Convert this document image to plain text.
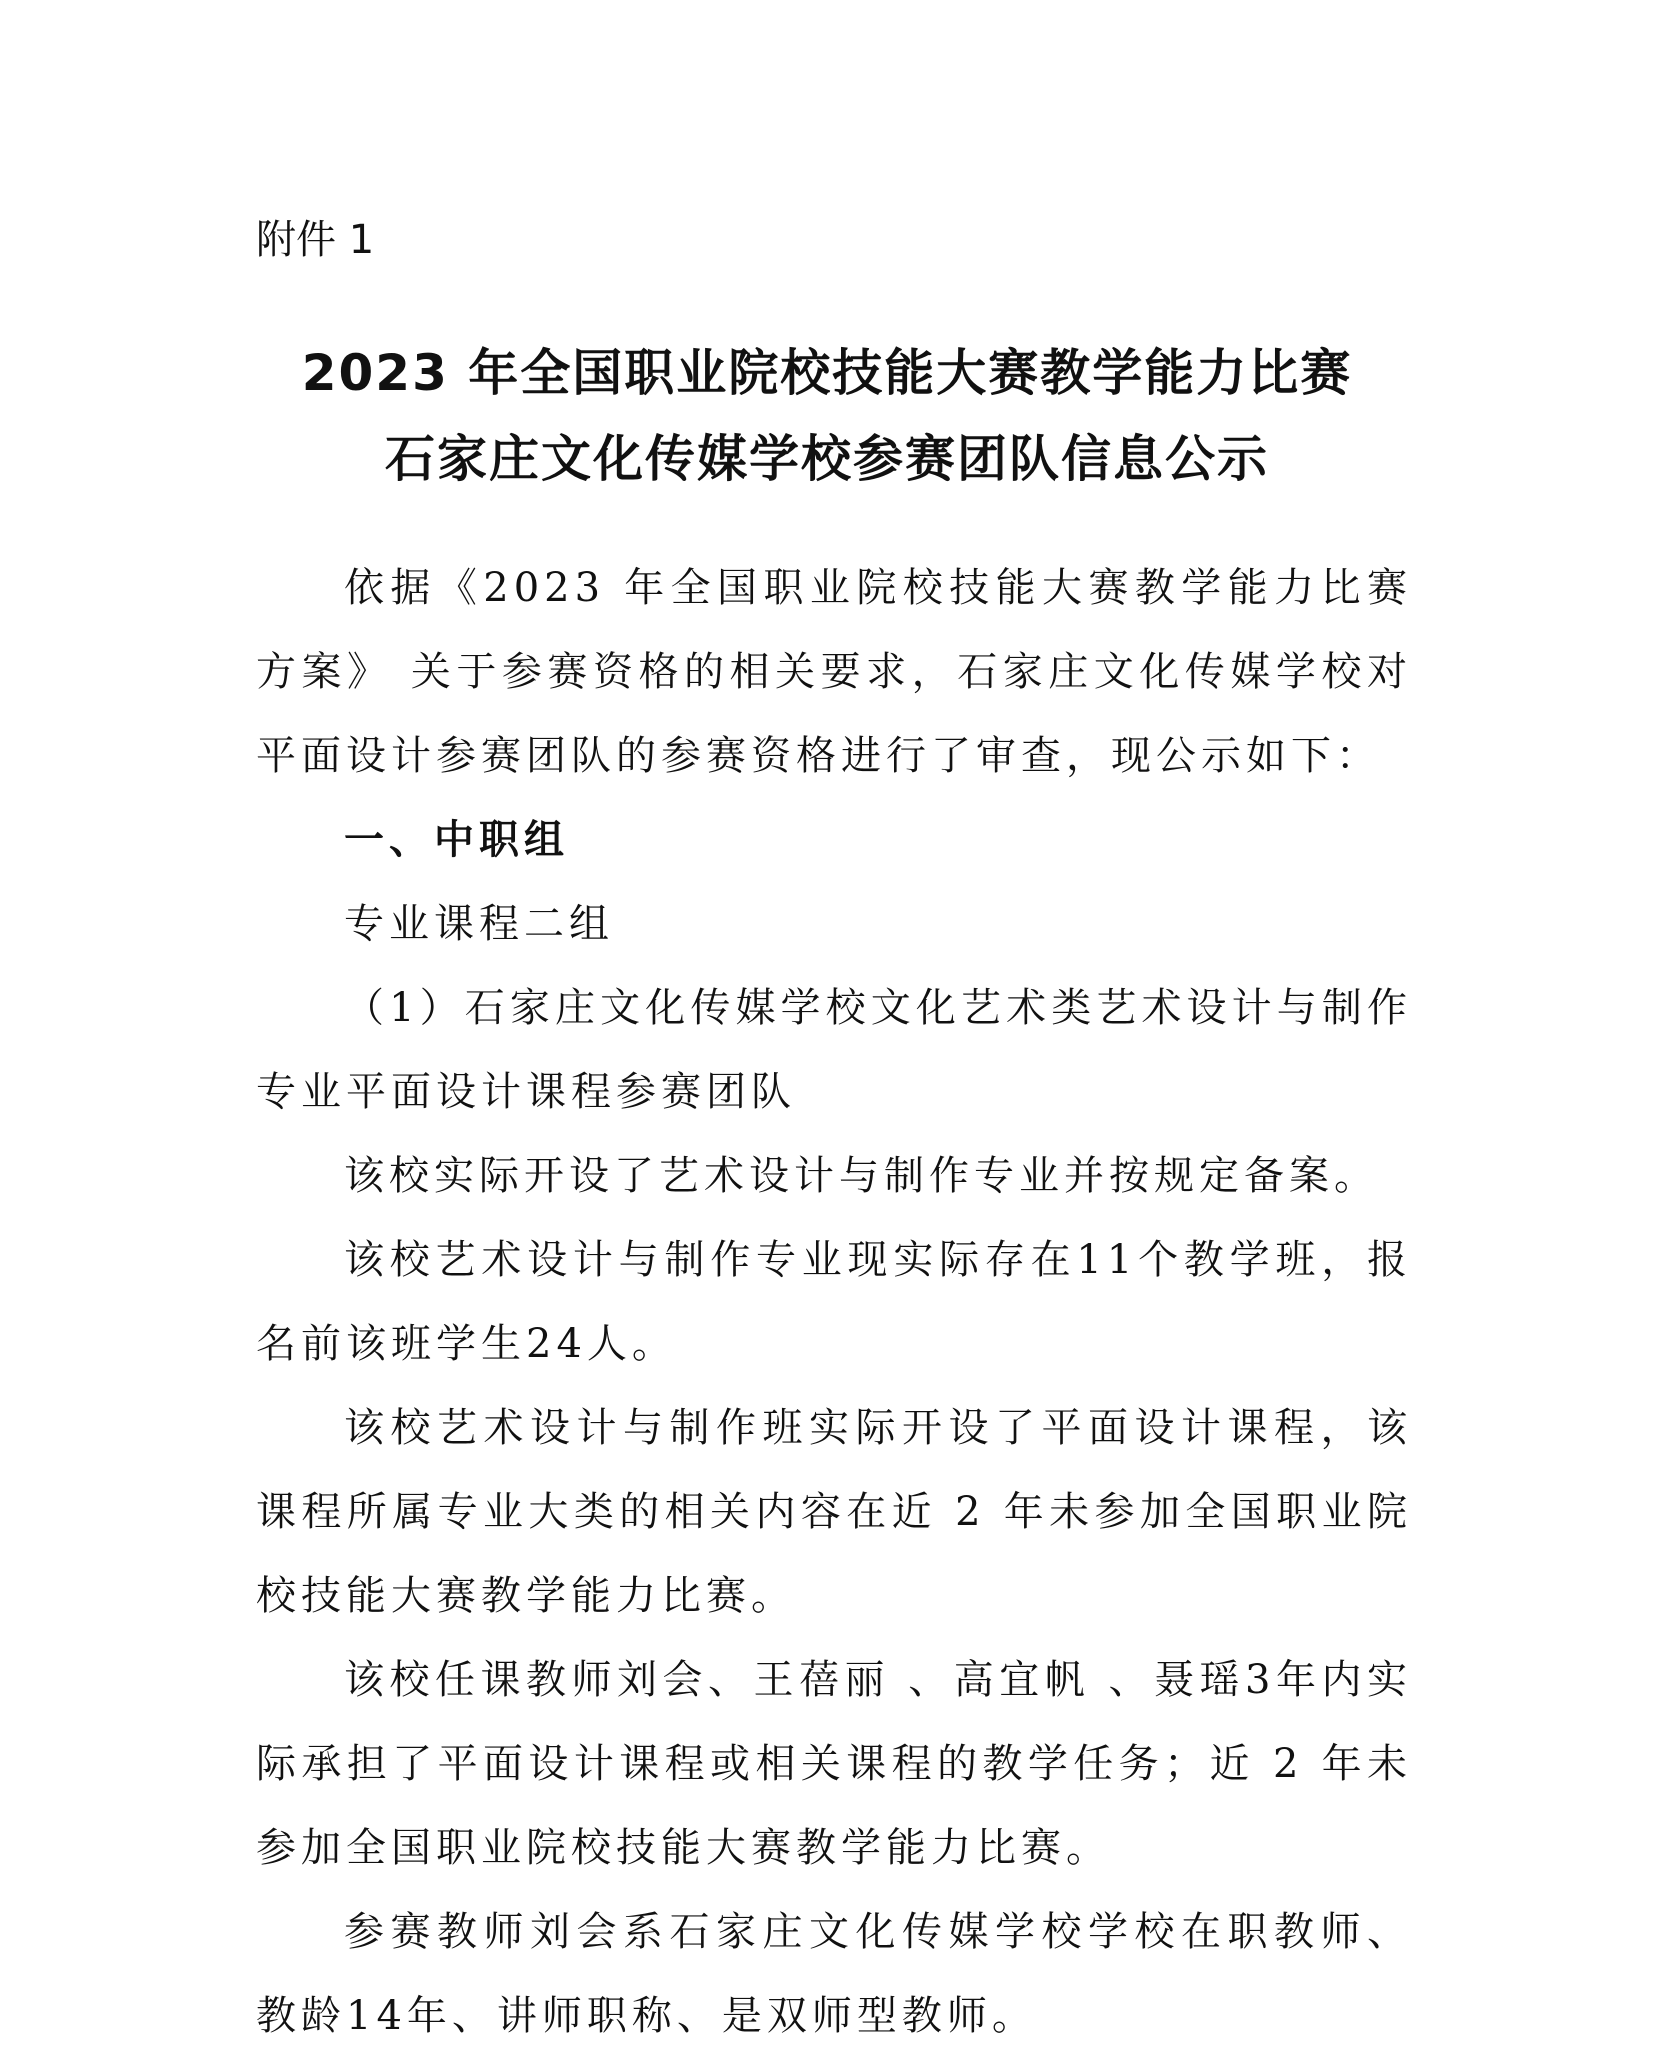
附件 1
2023 年全国职业院校技能大赛教学能力比赛
石家庄文化传媒学校参赛团队信息公示

依据《2023 年全国职业院校技能大赛教学能力比赛方案》 关于参赛资格的相关要求，石家庄文化传媒学校对平面设计参赛团队的参赛资格进行了审查，现公示如下：

一、中职组

专业课程二组

（1）石家庄文化传媒学校文化艺术类艺术设计与制作专业平面设计课程参赛团队

该校实际开设了艺术设计与制作专业并按规定备案。

该校艺术设计与制作专业现实际存在11个教学班，报名前该班学生24人。

该校艺术设计与制作班实际开设了平面设计课程，该课程所属专业大类的相关内容在近 2 年未参加全国职业院校技能大赛教学能力比赛。

该校任课教师刘会、王蓓丽 、高宜帆 、聂瑶3年内实际承担了平面设计课程或相关课程的教学任务；近 2 年未参加全国职业院校技能大赛教学能力比赛。

参赛教师刘会系石家庄文化传媒学校学校在职教师、教龄14年、讲师职称、是双师型教师。
